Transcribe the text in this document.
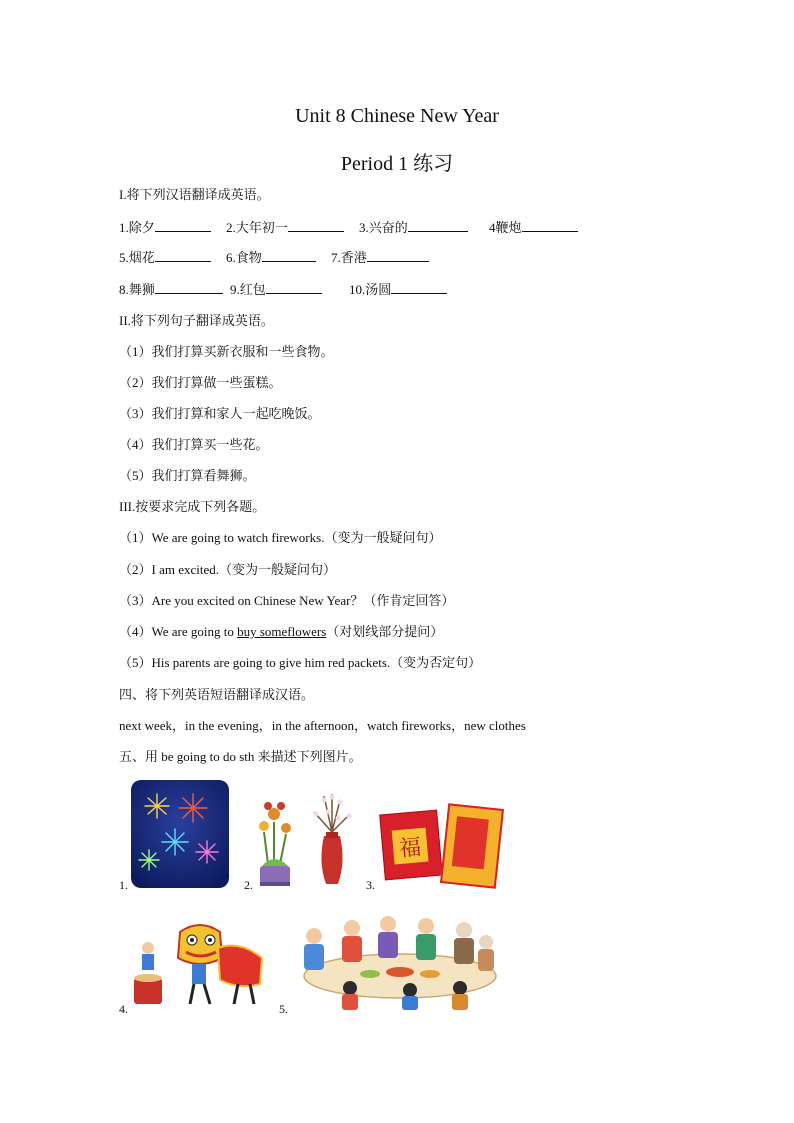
Unit 8 Chinese New Year
Period 1 练习
I.将下列汉语翻译成英语。
1.除夕	2.大年初一	3.兴奋的	4鞭炮
5.烟花	6.食物	7.香港
8.舞狮	9.红包	10.汤圆
II.将下列句子翻译成英语。
（1）我们打算买新衣服和一些食物。
（2）我们打算做一些蛋糕。
（3）我们打算和家人一起吃晚饭。
（4）我们打算买一些花。
（5）我们打算看舞狮。
III.按要求完成下列各题。
（1）We are going to watch fireworks.（变为一般疑问句）
（2）I am excited.（变为一般疑问句）
（3）Are you excited on Chinese New Year？（作肯定回答）
（4）We are going to buy someflowers（对划线部分提问）
（5）His parents are going to give him red packets.（变为否定句）
四、将下列英语短语翻译成汉语。
next week，in the evening，in the afternoon，watch fireworks，new clothes
五、用 be going to do sth 来描述下列图片。
1.	2.	3.
福
4.	5.
